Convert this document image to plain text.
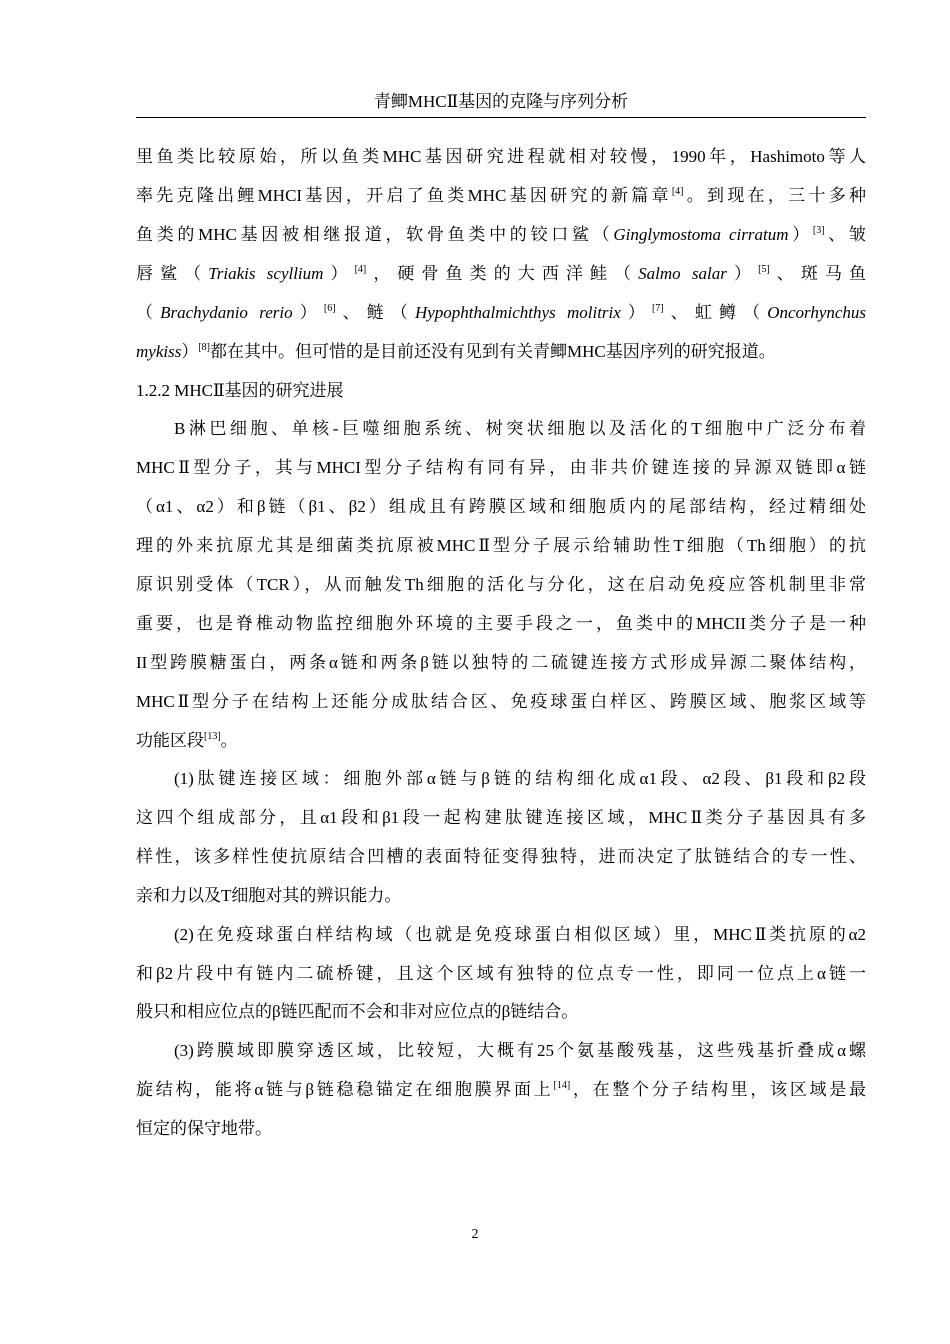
青鲫MHCⅡ基因的克隆与序列分析
里鱼类比较原始，所以鱼类MHC基因研究进程就相对较慢，1990年，Hashimoto等人
率先克隆出鲤MHCI基因，开启了鱼类MHC基因研究的新篇章[4]。到现在，三十多种
鱼类的MHC基因被相继报道，软骨鱼类中的铰口鲨（Ginglymostoma cirratum）[3]、皱
唇鲨（Triakis scyllium）[4]，硬骨鱼类的大西洋鲑（Salmo salar）[5]、斑马鱼
（Brachydanio rerio）[6]、鲢（Hypophthalmichthys molitrix）[7]、虹鳟（Oncorhynchus
mykiss）[8]都在其中。但可惜的是目前还没有见到有关青鲫MHC基因序列的研究报道。
1.2.2 MHCⅡ基因的研究进展
B淋巴细胞、单核-巨噬细胞系统、树突状细胞以及活化的T细胞中广泛分布着
MHCⅡ型分子，其与MHCI型分子结构有同有异，由非共价键连接的异源双链即α链
（α1、α2）和β链（β1、β2）组成且有跨膜区域和细胞质内的尾部结构，经过精细处
理的外来抗原尤其是细菌类抗原被MHCⅡ型分子展示给辅助性T细胞（Th细胞）的抗
原识别受体（TCR），从而触发Th细胞的活化与分化，这在启动免疫应答机制里非常
重要，也是脊椎动物监控细胞外环境的主要手段之一，鱼类中的MHCII类分子是一种
II型跨膜糖蛋白，两条α链和两条β链以独特的二硫键连接方式形成异源二聚体结构，
MHCⅡ型分子在结构上还能分成肽结合区、免疫球蛋白样区、跨膜区域、胞浆区域等
功能区段[13]。
(1)肽键连接区域：细胞外部α链与β链的结构细化成α1段、α2段、β1段和β2段
这四个组成部分，且α1段和β1段一起构建肽键连接区域，MHCⅡ类分子基因具有多
样性，该多样性使抗原结合凹槽的表面特征变得独特，进而决定了肽链结合的专一性、
亲和力以及T细胞对其的辨识能力。
(2)在免疫球蛋白样结构域（也就是免疫球蛋白相似区域）里，MHCⅡ类抗原的α2
和β2片段中有链内二硫桥键，且这个区域有独特的位点专一性，即同一位点上α链一
般只和相应位点的β链匹配而不会和非对应位点的β链结合。
(3)跨膜域即膜穿透区域，比较短，大概有25个氨基酸残基，这些残基折叠成α螺
旋结构，能将α链与β链稳稳锚定在细胞膜界面上[14]，在整个分子结构里，该区域是最
恒定的保守地带。
2
